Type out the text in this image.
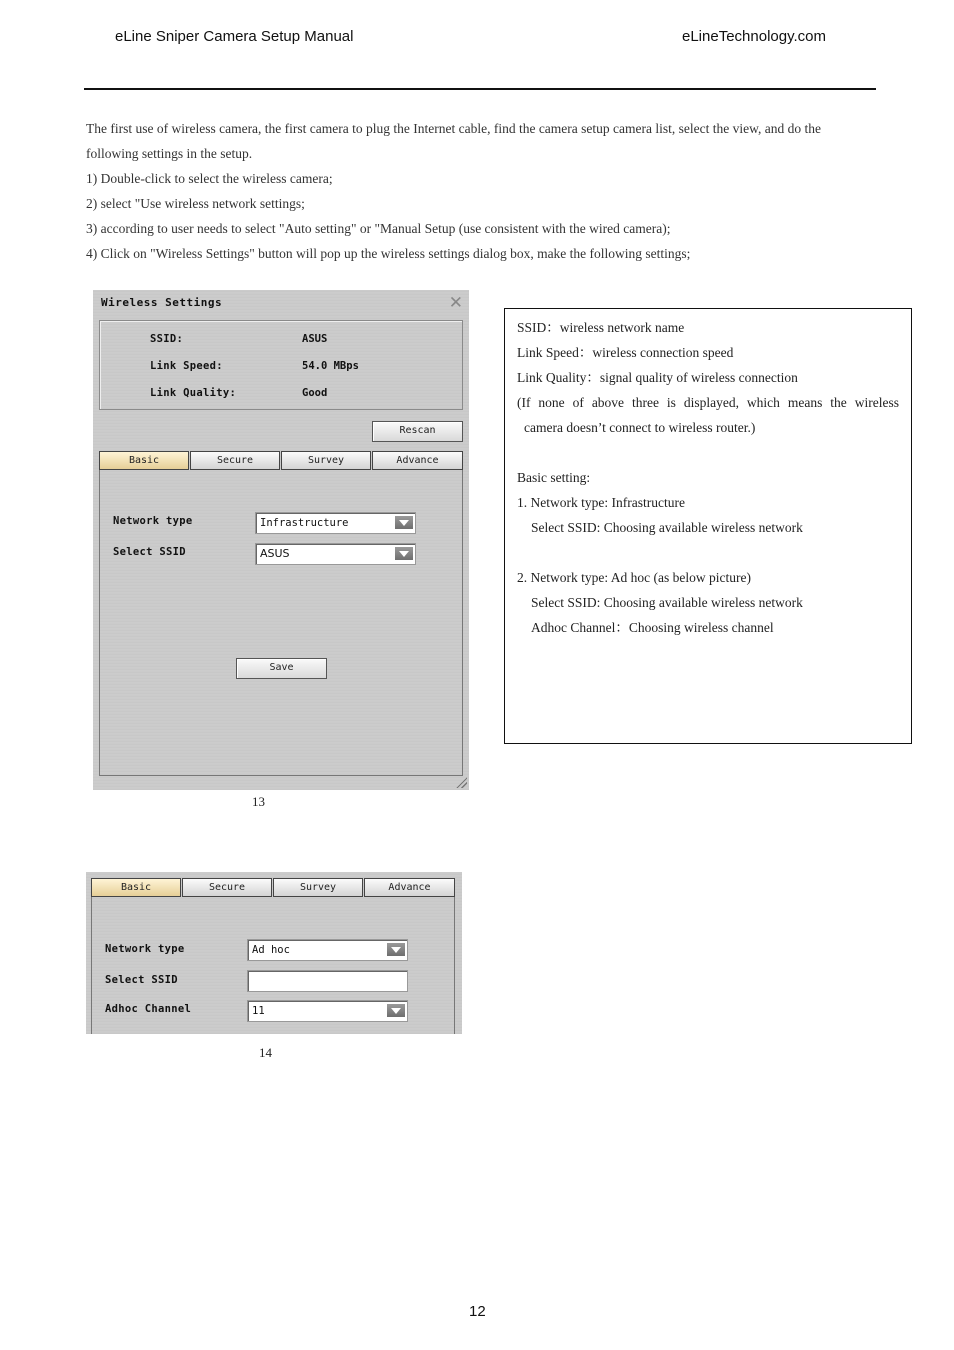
eLine Sniper Camera Setup Manual	eLineTechnology.com

The first use of wireless camera, the first camera to plug the Internet cable, find the camera setup camera list, select the view, and do the following settings in the setup.

1) Double-click to select the wireless camera;

2) select "Use wireless network settings;

3) according to user needs to select "Auto setting" or "Manual Setup (use consistent with the wired camera);

4) Click on "Wireless Settings" button will pop up the wireless settings dialog box, make the following settings;

Wireless Settings	✕
SSID:	ASUS
Link Speed:	54.0 MBps
Link Quality:	Good
Rescan
Basic	Secure	Survey	Advance
Network type	Infrastructure
Select SSID	ASUS
Save
13

SSID：wireless network name

Link Speed：wireless connection speed

Link Quality：signal quality of wireless connection

(If none of above three is displayed, which means the wireless

camera doesn’t connect to wireless router.)

Basic setting:

1. Network type: Infrastructure

Select SSID: Choosing available wireless network

2. Network type: Ad hoc (as below picture)

Select SSID: Choosing available wireless network

Adhoc Channel：Choosing wireless channel

Basic	Secure	Survey	Advance
Network type	Ad hoc
Select SSID
Adhoc Channel	11
14
12
